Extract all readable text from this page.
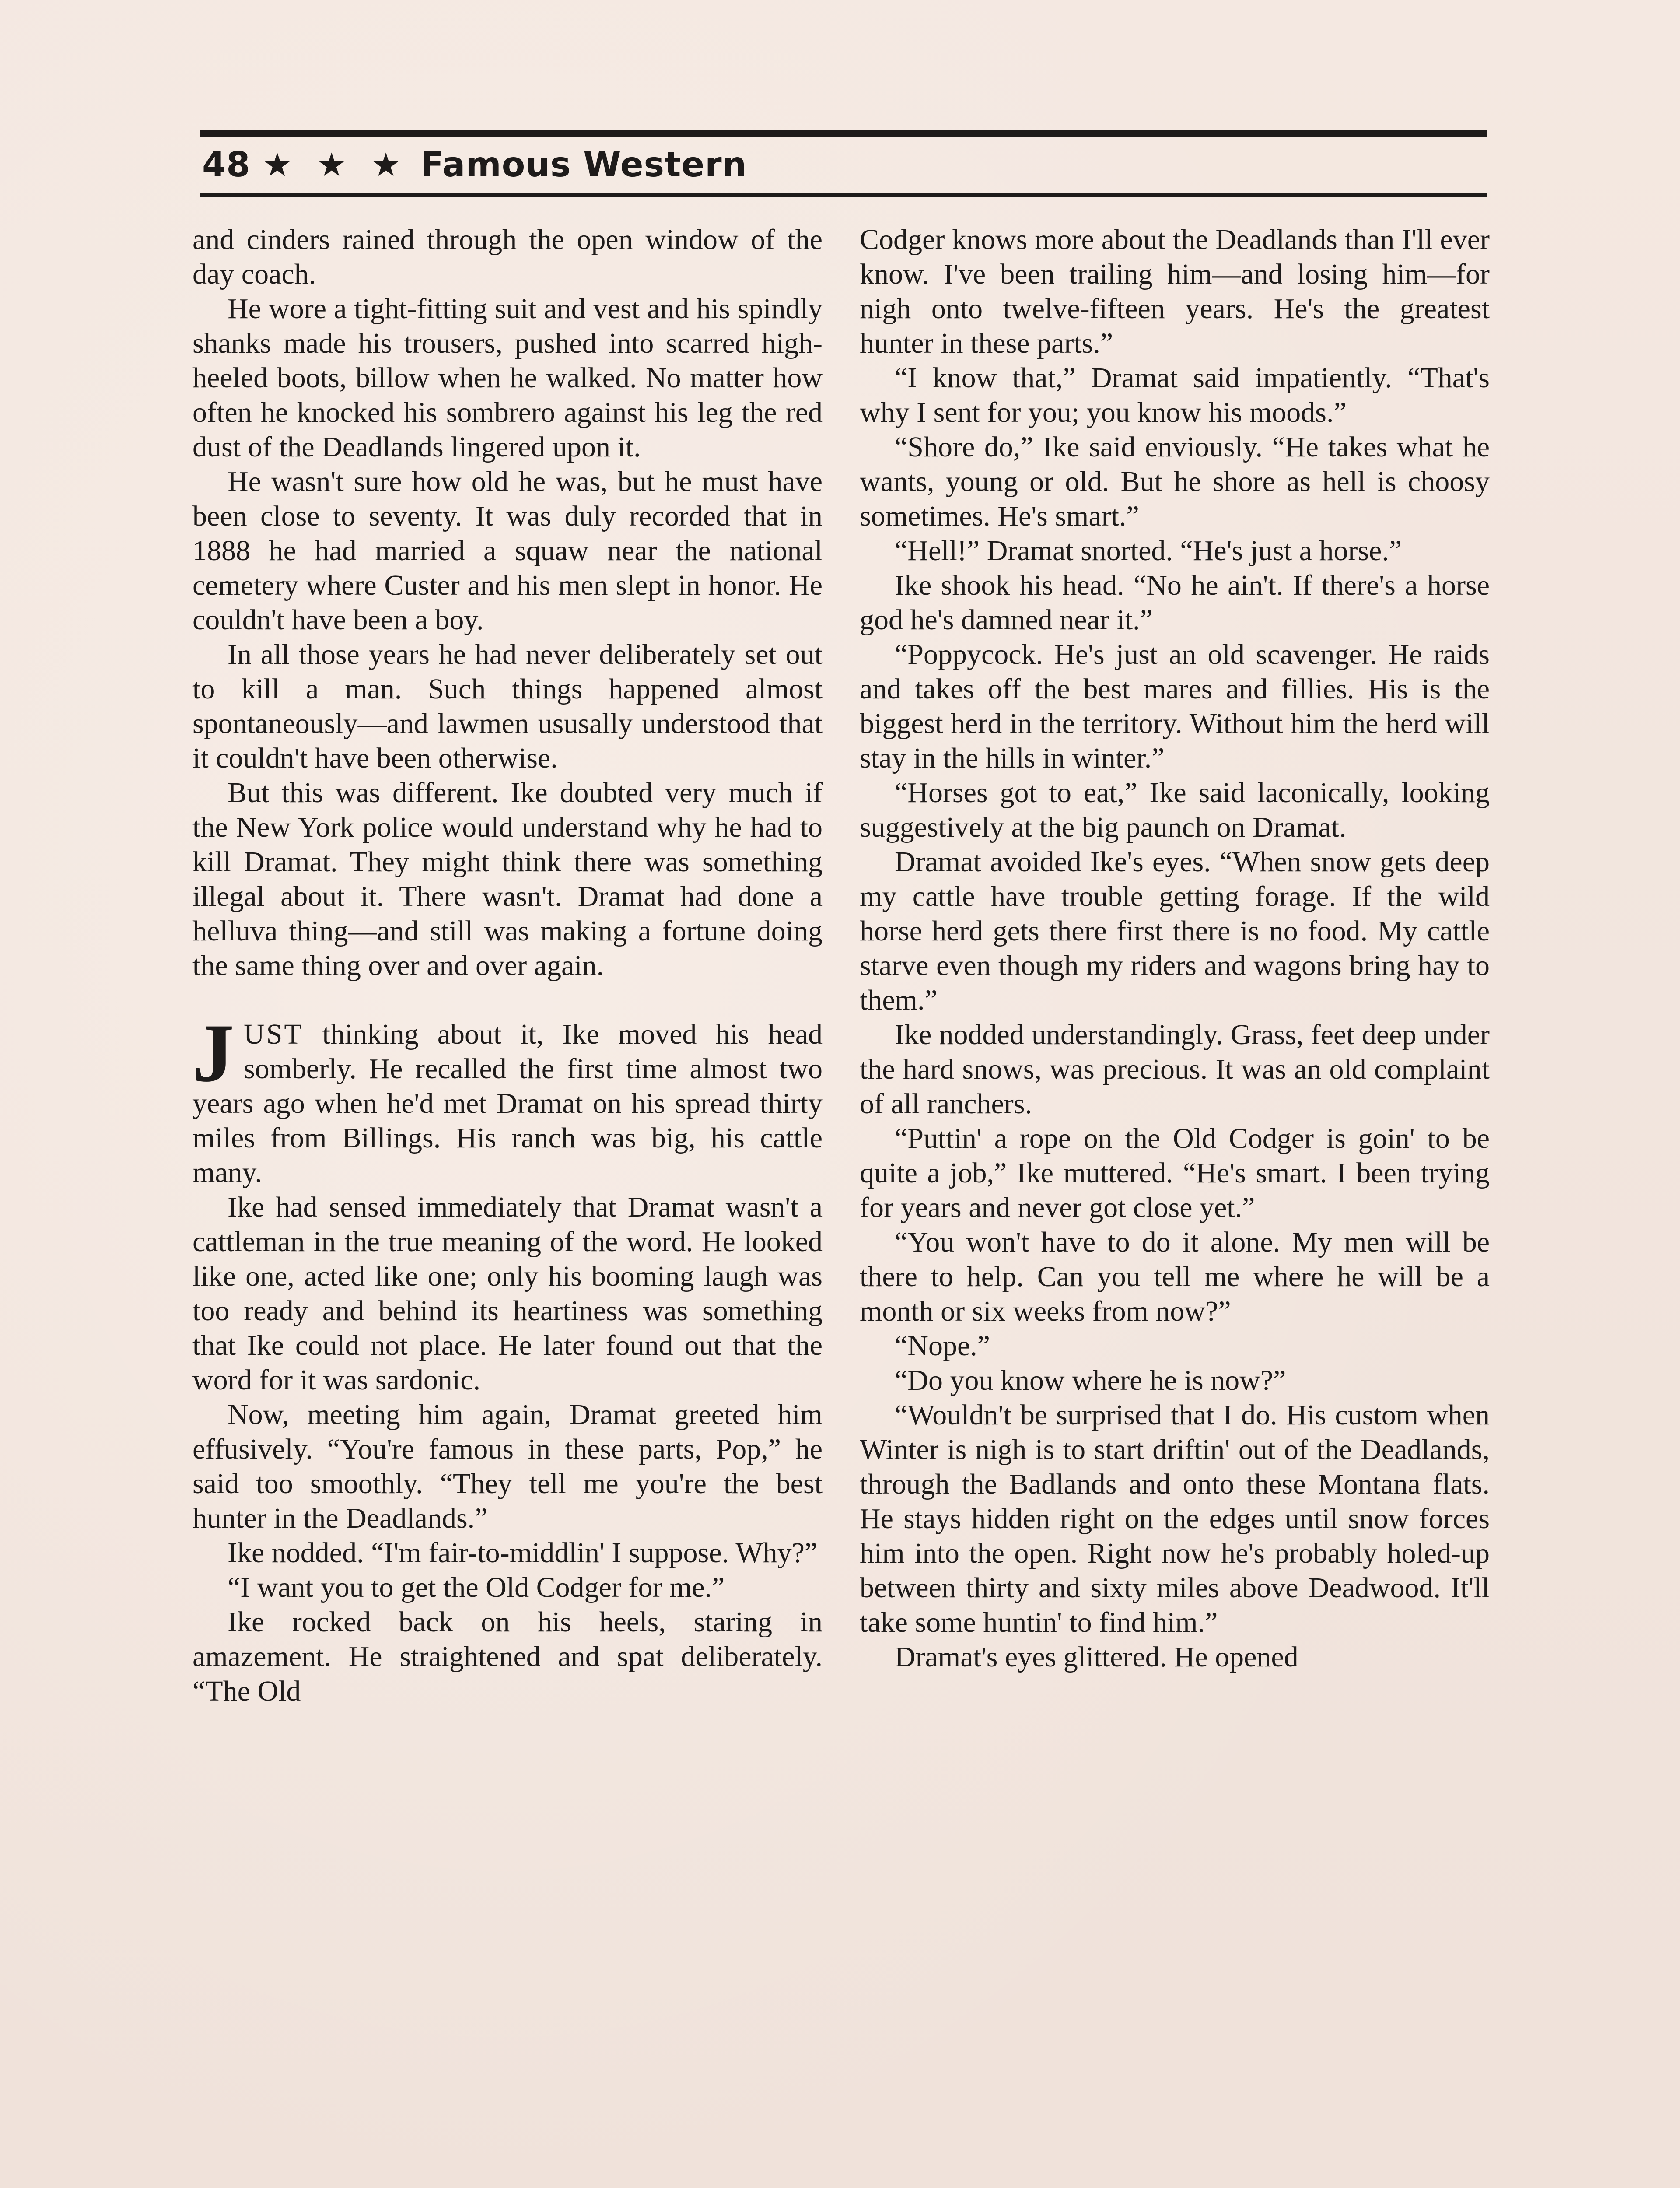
48 ★ ★ ★ Famous Western

and cinders rained through the open window of the day coach.

He wore a tight-fitting suit and vest and his spindly shanks made his trousers, pushed into scarred high-heeled boots, billow when he walked. No matter how often he knocked his sombrero against his leg the red dust of the Deadlands lingered upon it.

He wasn't sure how old he was, but he must have been close to seventy. It was duly recorded that in 1888 he had married a squaw near the national cemetery where Custer and his men slept in honor. He couldn't have been a boy.

In all those years he had never deliberately set out to kill a man. Such things happened almost spontaneously—and lawmen ususally understood that it couldn't have been otherwise.

But this was different. Ike doubted very much if the New York police would understand why he had to kill Dramat. They might think there was something illegal about it. There wasn't. Dramat had done a helluva thing—and still was making a fortune doing the same thing over and over again.

JUST thinking about it, Ike moved his head somberly. He recalled the first time almost two years ago when he'd met Dramat on his spread thirty miles from Billings. His ranch was big, his cattle many.

Ike had sensed immediately that Dramat wasn't a cattleman in the true meaning of the word. He looked like one, acted like one; only his booming laugh was too ready and behind its heartiness was something that Ike could not place. He later found out that the word for it was sardonic.

Now, meeting him again, Dramat greeted him effusively. “You're famous in these parts, Pop,” he said too smoothly. “They tell me you're the best hunter in the Deadlands.”

Ike nodded. “I'm fair-to-middlin' I suppose. Why?”

“I want you to get the Old Codger for me.”

Ike rocked back on his heels, staring in amazement. He straightened and spat deliberately. “The Old

Codger knows more about the Deadlands than I'll ever know. I've been trailing him—and losing him—for nigh onto twelve-fifteen years. He's the greatest hunter in these parts.”

“I know that,” Dramat said impatiently. “That's why I sent for you; you know his moods.”

“Shore do,” Ike said enviously. “He takes what he wants, young or old. But he shore as hell is choosy sometimes. He's smart.”

“Hell!” Dramat snorted. “He's just a horse.”

Ike shook his head. “No he ain't. If there's a horse god he's damned near it.”

“Poppycock. He's just an old scavenger. He raids and takes off the best mares and fillies. His is the biggest herd in the territory. Without him the herd will stay in the hills in winter.”

“Horses got to eat,” Ike said laconically, looking suggestively at the big paunch on Dramat.

Dramat avoided Ike's eyes. “When snow gets deep my cattle have trouble getting forage. If the wild horse herd gets there first there is no food. My cattle starve even though my riders and wagons bring hay to them.”

Ike nodded understandingly. Grass, feet deep under the hard snows, was precious. It was an old complaint of all ranchers.

“Puttin' a rope on the Old Codger is goin' to be quite a job,” Ike muttered. “He's smart. I been trying for years and never got close yet.”

“You won't have to do it alone. My men will be there to help. Can you tell me where he will be a month or six weeks from now?”

“Nope.”

“Do you know where he is now?”

“Wouldn't be surprised that I do. His custom when Winter is nigh is to start driftin' out of the Deadlands, through the Badlands and onto these Montana flats. He stays hidden right on the edges until snow forces him into the open. Right now he's probably holed-up between thirty and sixty miles above Deadwood. It'll take some huntin' to find him.”

Dramat's eyes glittered. He opened
